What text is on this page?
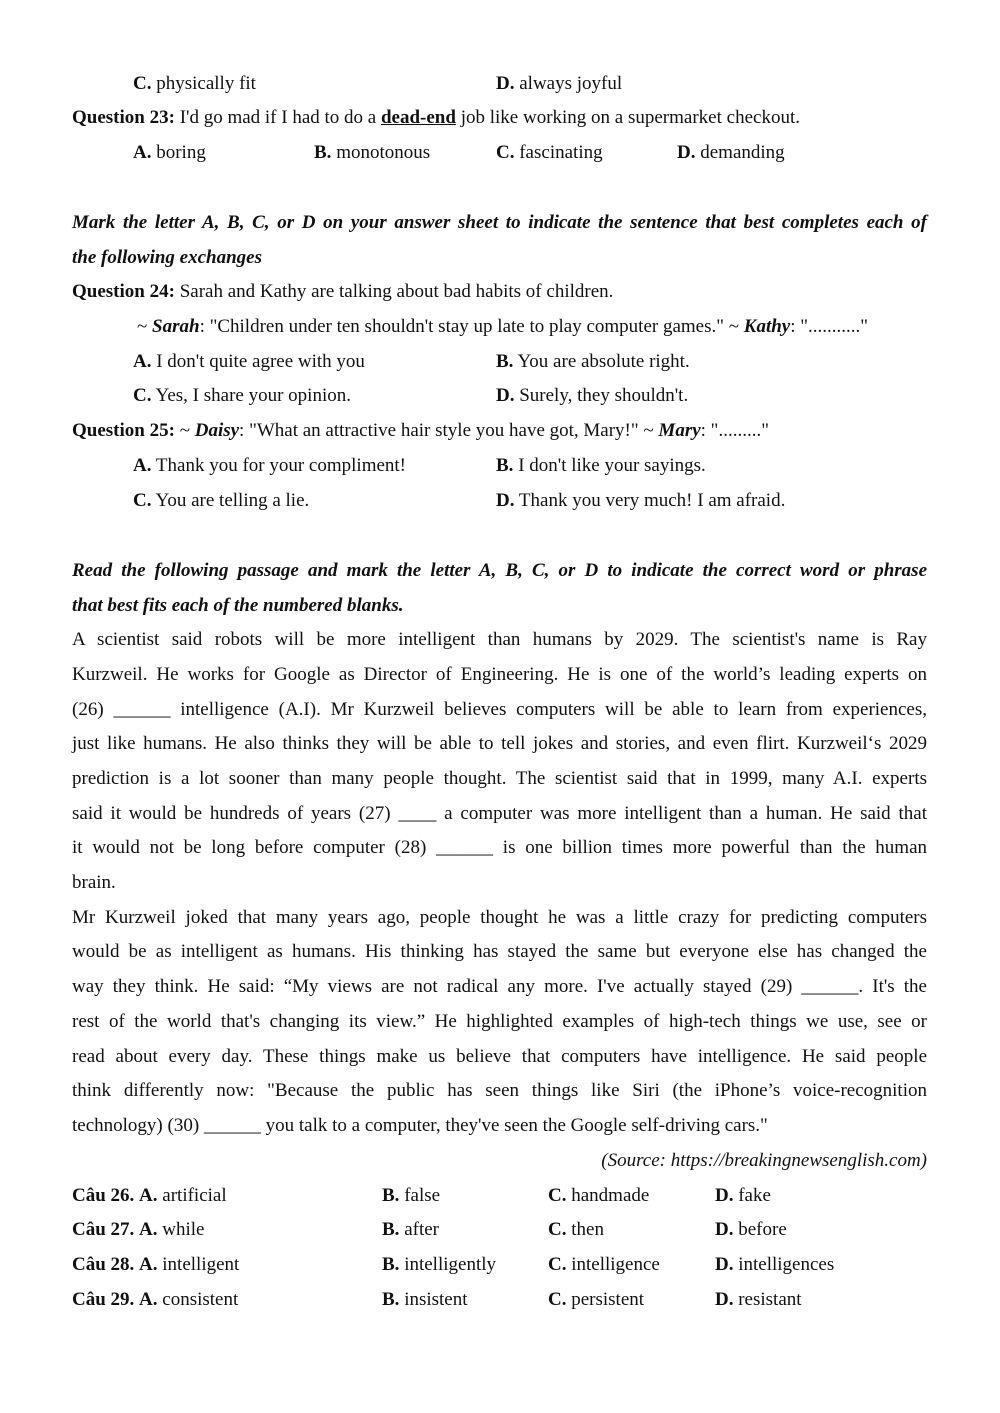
C. physically fit	D. always joyful
Question 23: I'd go mad if I had to do a dead-end job like working on a supermarket checkout.
A. boring	B. monotonous	C. fascinating	D. demanding
Mark the letter A, B, C, or D on your answer sheet to indicate the sentence that best completes each of
the following exchanges
Question 24: Sarah and Kathy are talking about bad habits of children.
~ Sarah: "Children under ten shouldn't stay up late to play computer games." ~ Kathy: "..........."
A. I don't quite agree with you	B. You are absolute right.
C. Yes, I share your opinion.	D. Surely, they shouldn't.
Question 25: ~ Daisy: "What an attractive hair style you have got, Mary!" ~ Mary: "........."
A. Thank you for your compliment!	B. I don't like your sayings.
C. You are telling a lie.	D. Thank you very much! I am afraid.
Read the following passage and mark the letter A, B, C, or D to indicate the correct word or phrase
that best fits each of the numbered blanks.
A scientist said robots will be more intelligent than humans by 2029. The scientist's name is Ray
Kurzweil. He works for Google as Director of Engineering. He is one of the world’s leading experts on
(26) ______ intelligence (A.I). Mr Kurzweil believes computers will be able to learn from experiences,
just like humans. He also thinks they will be able to tell jokes and stories, and even flirt. Kurzweil‘s 2029
prediction is a lot sooner than many people thought. The scientist said that in 1999, many A.I. experts
said it would be hundreds of years (27) ____ a computer was more intelligent than a human. He said that
it would not be long before computer (28) ______ is one billion times more powerful than the human
brain.
Mr Kurzweil joked that many years ago, people thought he was a little crazy for predicting computers
would be as intelligent as humans. His thinking has stayed the same but everyone else has changed the
way they think. He said: “My views are not radical any more. I've actually stayed (29) ______. It's the
rest of the world that's changing its view.” He highlighted examples of high-tech things we use, see or
read about every day. These things make us believe that computers have intelligence. He said people
think differently now: "Because the public has seen things like Siri (the iPhone’s voice-recognition
technology) (30) ______ you talk to a computer, they've seen the Google self-driving cars."
(Source: https://breakingnewsenglish.com)
Câu 26. A. artificial	B. false	C. handmade	D. fake
Câu 27. A. while	B. after	C. then	D. before
Câu 28. A. intelligent	B. intelligently	C. intelligence	D. intelligences
Câu 29. A. consistent	B. insistent	C. persistent	D. resistant
